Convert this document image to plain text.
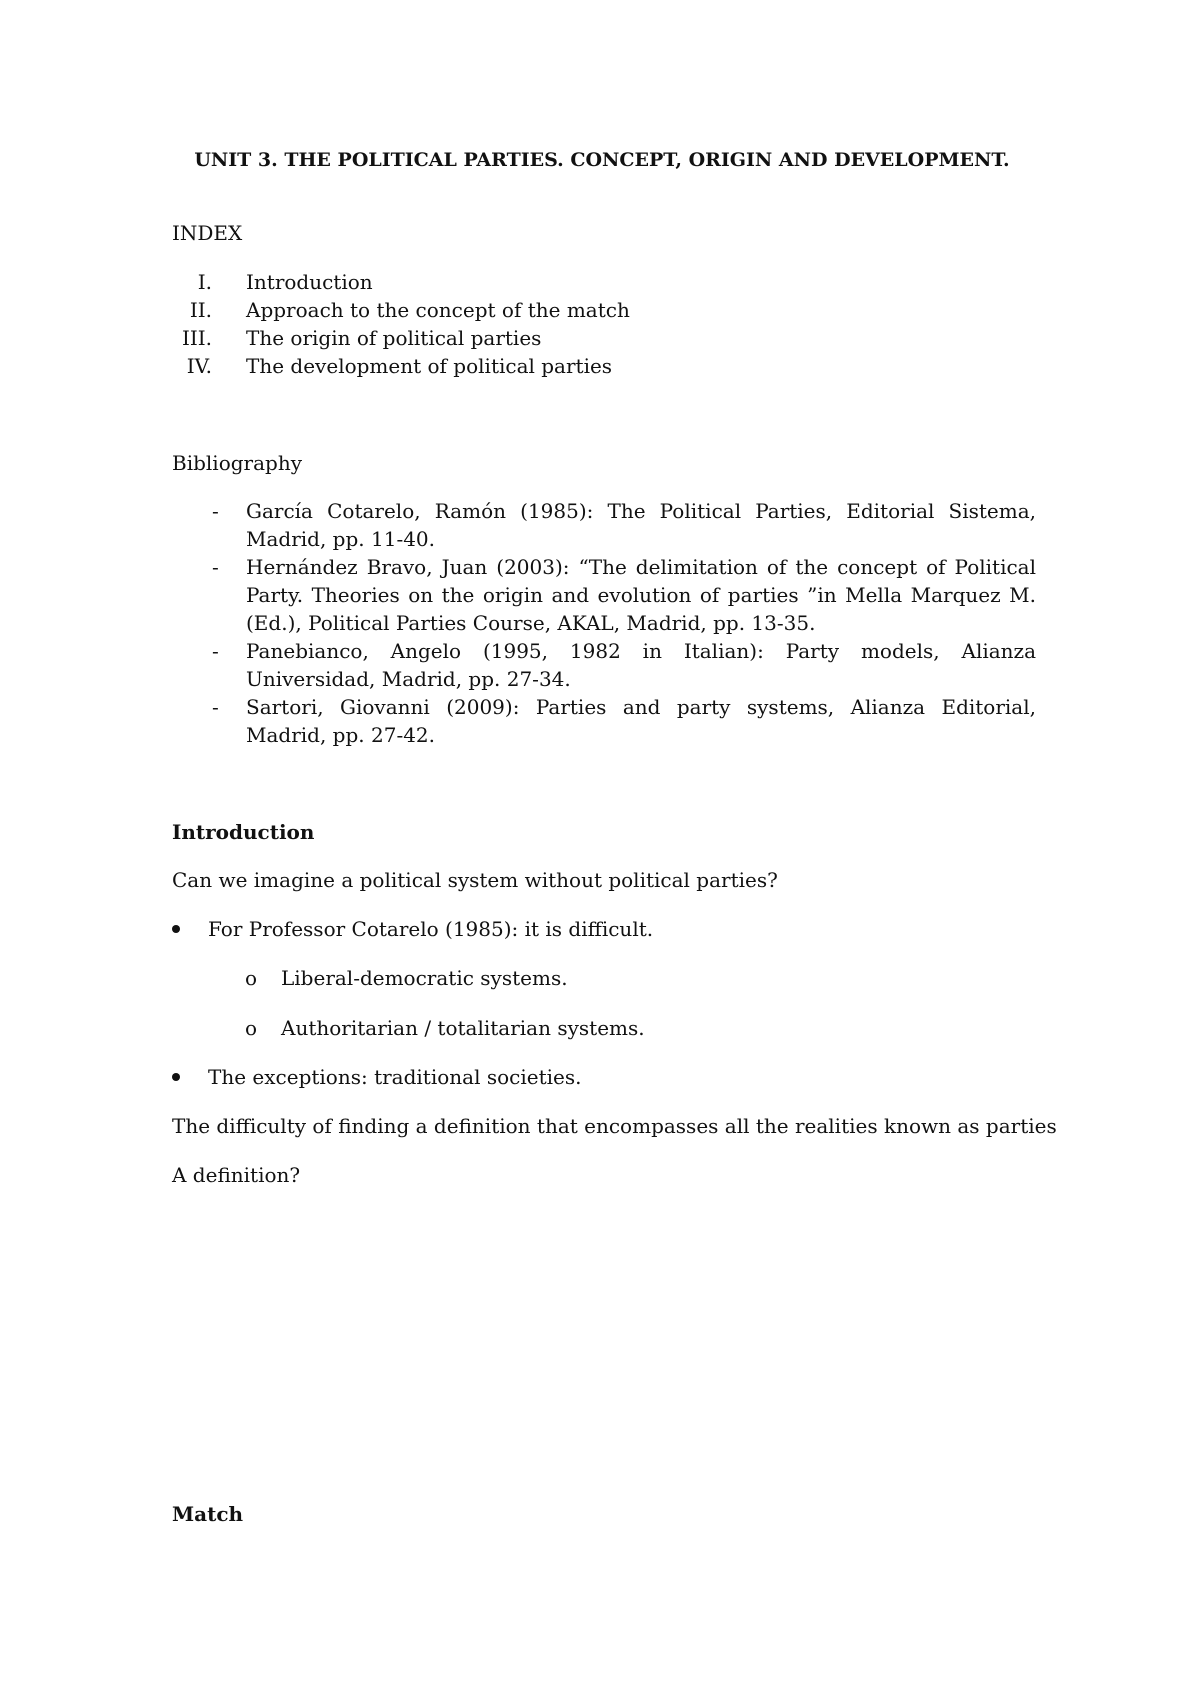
UNIT 3. THE POLITICAL PARTIES. CONCEPT, ORIGIN AND DEVELOPMENT.
INDEX
I. Introduction
II. Approach to the concept of the match
III. The origin of political parties
IV. The development of political parties
Bibliography
- García Cotarelo, Ramón (1985): The Political Parties, Editorial Sistema, Madrid, pp. 11-40.
- Hernández Bravo, Juan (2003): “The delimitation of the concept of Political Party. Theories on the origin and evolution of parties ”in Mella Marquez M. (Ed.), Political Parties Course, AKAL, Madrid, pp. 13-35.
- Panebianco, Angelo (1995, 1982 in Italian): Party models, Alianza Universidad, Madrid, pp. 27-34.
- Sartori, Giovanni (2009): Parties and party systems, Alianza Editorial, Madrid, pp. 27-42.
Introduction
Can we imagine a political system without political parties?
For Professor Cotarelo (1985): it is difficult.
o Liberal-democratic systems.
o Authoritarian / totalitarian systems.
The exceptions: traditional societies.
The difficulty of finding a definition that encompasses all the realities known as parties
A definition?
Match
